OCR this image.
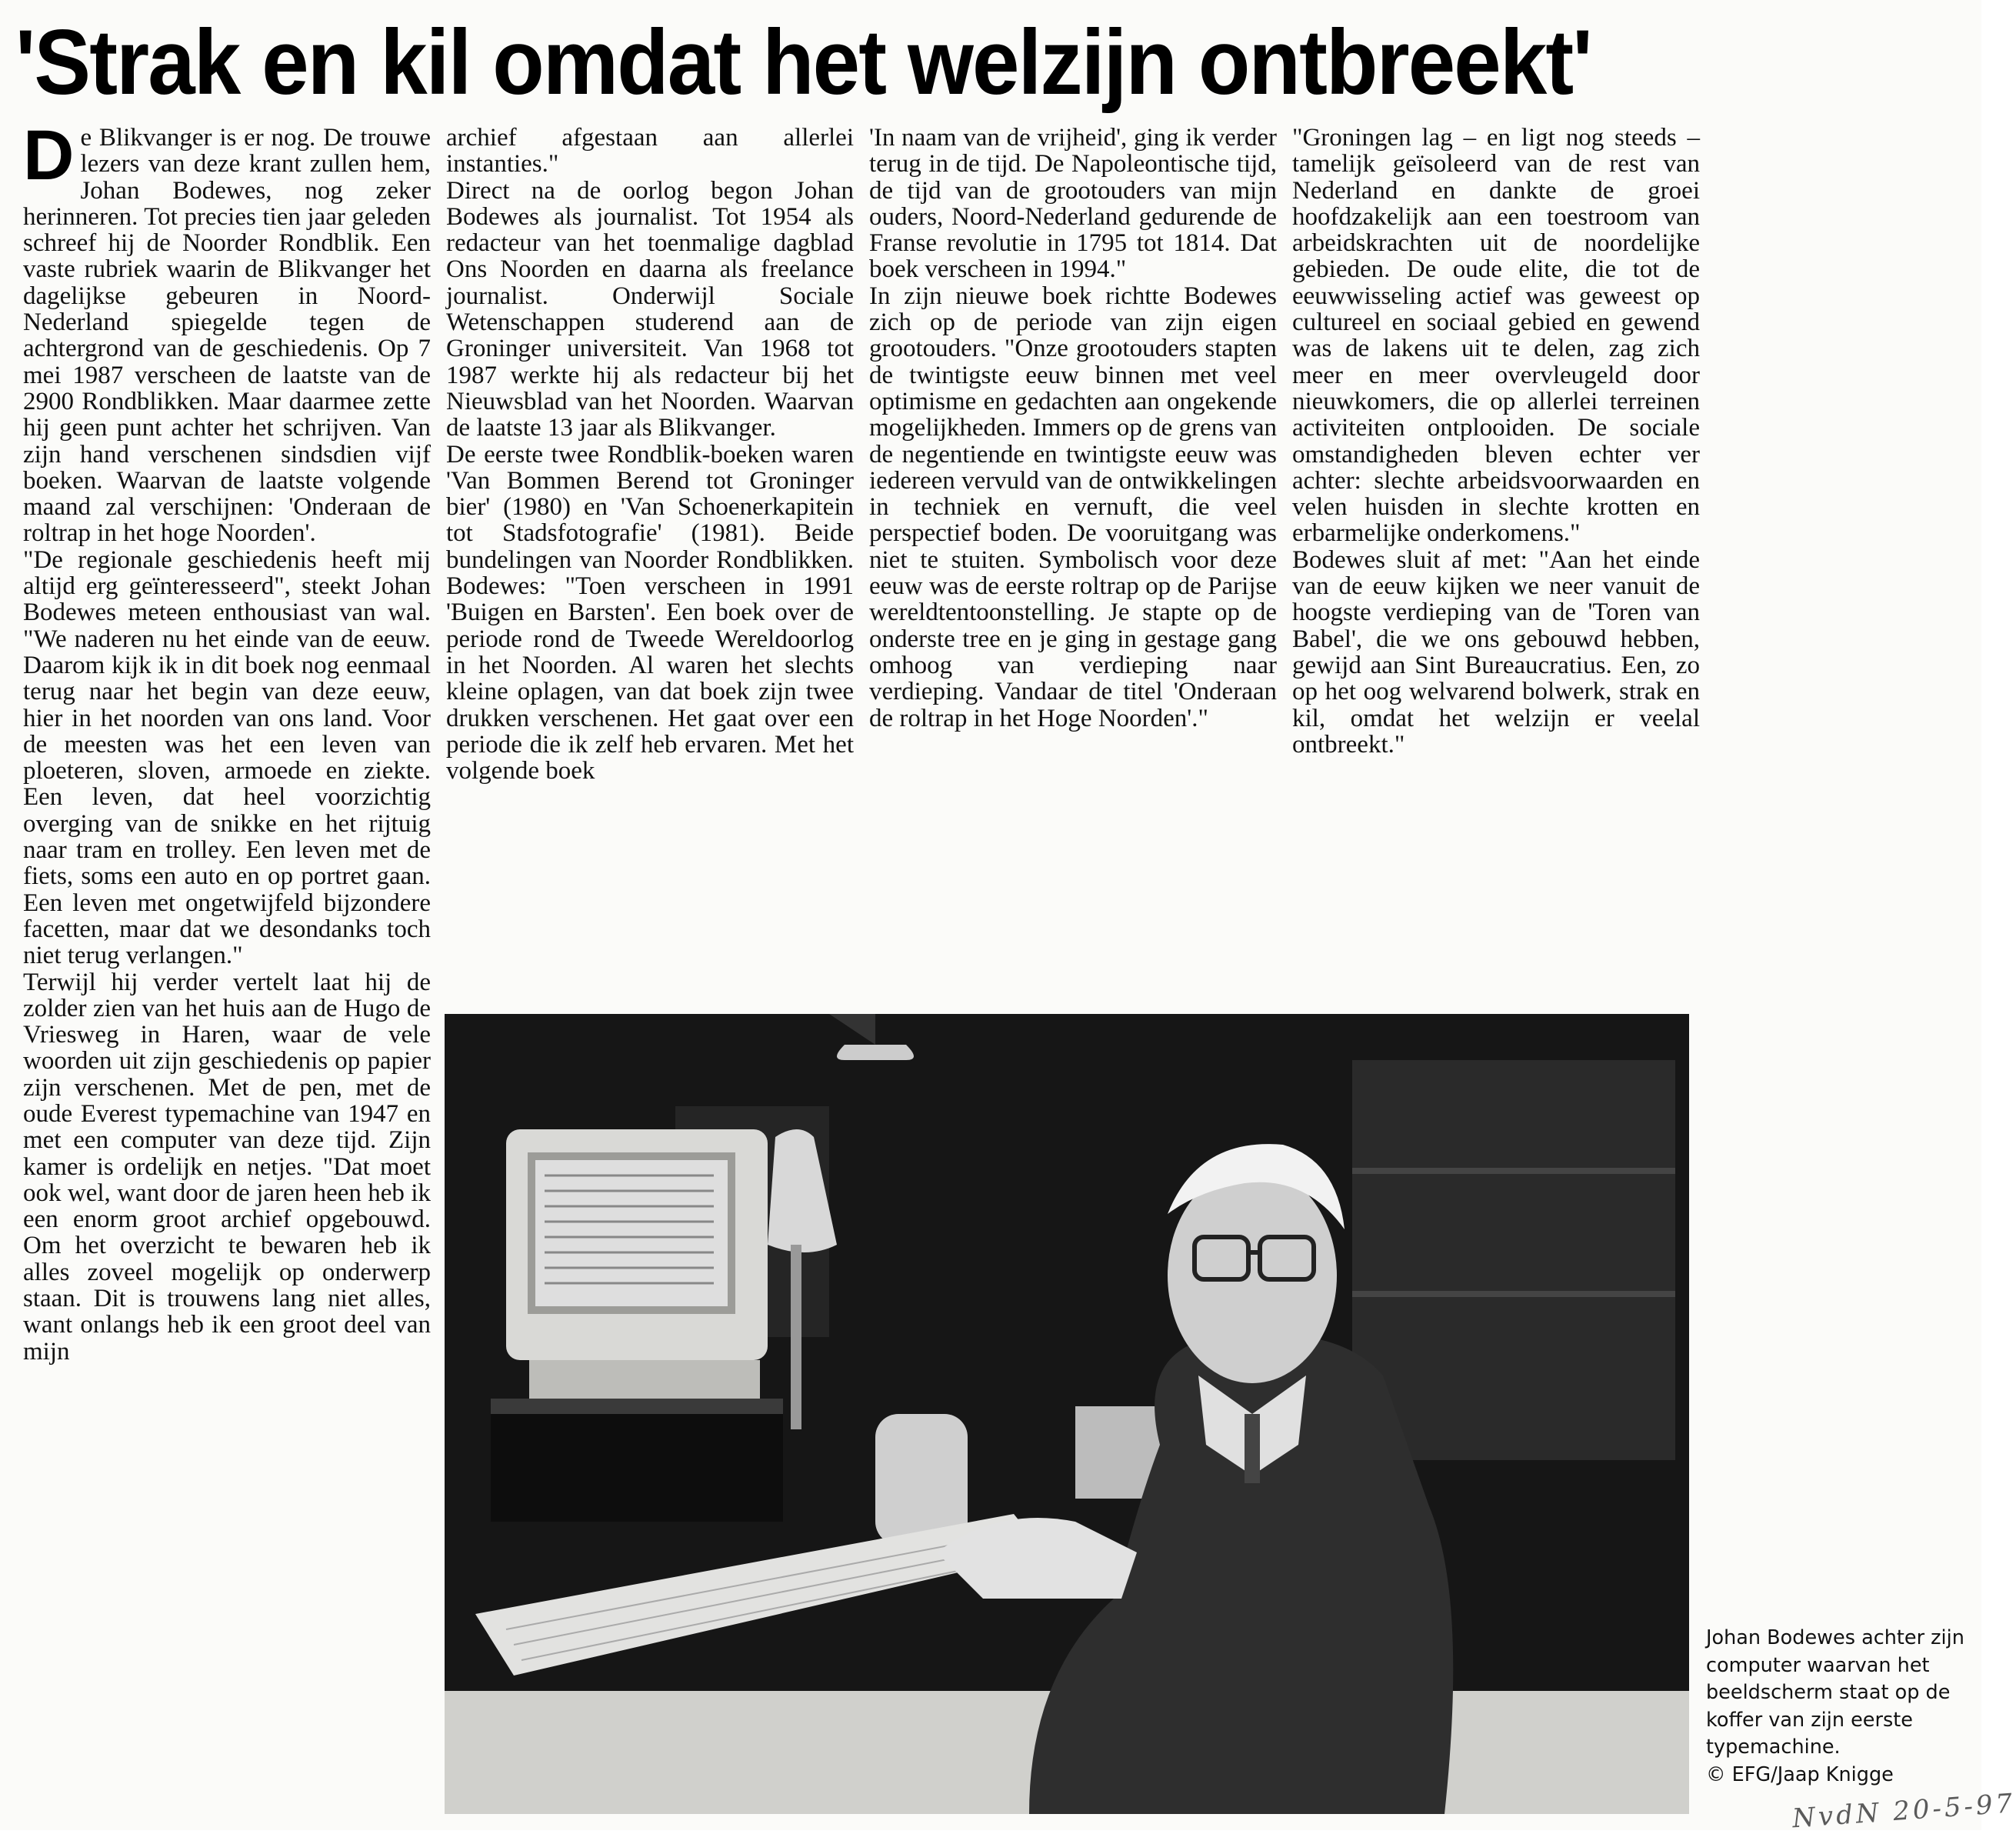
'Strak en kil omdat het welzijn ontbreekt'

De Blikvanger is er nog. De trouwe lezers van deze krant zullen hem, Johan Bodewes, nog zeker herinneren. Tot precies tien jaar geleden schreef hij de Noorder Rondblik. Een vaste rubriek waarin de Blikvanger het dagelijkse gebeuren in Noord-Nederland spiegelde tegen de achtergrond van de geschiedenis. Op 7 mei 1987 verscheen de laatste van de 2900 Rondblikken. Maar daarmee zette hij geen punt achter het schrijven. Van zijn hand verschenen sindsdien vijf boeken. Waarvan de laatste volgende maand zal verschijnen: 'Onderaan de roltrap in het hoge Noorden'.

"De regionale geschiedenis heeft mij altijd erg geïnteresseerd", steekt Johan Bodewes meteen enthousiast van wal. "We naderen nu het einde van de eeuw. Daarom kijk ik in dit boek nog eenmaal terug naar het begin van deze eeuw, hier in het noorden van ons land. Voor de meesten was het een leven van ploeteren, sloven, armoede en ziekte. Een leven, dat heel voorzichtig overging van de snikke en het rijtuig naar tram en trolley. Een leven met de fiets, soms een auto en op portret gaan. Een leven met ongetwijfeld bijzondere facetten, maar dat we desondanks toch niet terug verlangen."

Terwijl hij verder vertelt laat hij de zolder zien van het huis aan de Hugo de Vriesweg in Haren, waar de vele woorden uit zijn geschiedenis op papier zijn verschenen. Met de pen, met de oude Everest typemachine van 1947 en met een computer van deze tijd. Zijn kamer is ordelijk en netjes. "Dat moet ook wel, want door de jaren heen heb ik een enorm groot archief opgebouwd. Om het overzicht te bewaren heb ik alles zoveel mogelijk op onderwerp staan. Dit is trouwens lang niet alles, want onlangs heb ik een groot deel van mijn

archief afgestaan aan allerlei instanties."

Direct na de oorlog begon Johan Bodewes als journalist. Tot 1954 als redacteur van het toenmalige dagblad Ons Noorden en daarna als freelance journalist. Onderwijl Sociale Wetenschappen studerend aan de Groninger universiteit. Van 1968 tot 1987 werkte hij als redacteur bij het Nieuwsblad van het Noorden. Waarvan de laatste 13 jaar als Blikvanger.

De eerste twee Rondblik-boeken waren 'Van Bommen Berend tot Groninger bier' (1980) en 'Van Schoenerkapitein tot Stadsfotografie' (1981). Beide bundelingen van Noorder Rondblikken. Bodewes: "Toen verscheen in 1991 'Buigen en Barsten'. Een boek over de periode rond de Tweede Wereldoorlog in het Noorden. Al waren het slechts kleine oplagen, van dat boek zijn twee drukken verschenen. Het gaat over een periode die ik zelf heb ervaren. Met het volgende boek

'In naam van de vrijheid', ging ik verder terug in de tijd. De Napoleontische tijd, de tijd van de grootouders van mijn ouders, Noord-Nederland gedurende de Franse revolutie in 1795 tot 1814. Dat boek verscheen in 1994."

In zijn nieuwe boek richtte Bodewes zich op de periode van zijn eigen grootouders. "Onze grootouders stapten de twintigste eeuw binnen met veel optimisme en gedachten aan ongekende mogelijkheden. Immers op de grens van de negentiende en twintigste eeuw was iedereen vervuld van de ontwikkelingen in techniek en vernuft, die veel perspectief boden. De vooruitgang was niet te stuiten. Symbolisch voor deze eeuw was de eerste roltrap op de Parijse wereldtentoonstelling. Je stapte op de onderste tree en je ging in gestage gang omhoog van verdieping naar verdieping. Vandaar de titel 'Onderaan de roltrap in het Hoge Noorden'."

"Groningen lag – en ligt nog steeds – tamelijk geïsoleerd van de rest van Nederland en dankte de groei hoofdzakelijk aan een toestroom van arbeidskrachten uit de noordelijke gebieden. De oude elite, die tot de eeuwwisseling actief was geweest op cultureel en sociaal gebied en gewend was de lakens uit te delen, zag zich meer en meer overvleugeld door nieuwkomers, die op allerlei terreinen activiteiten ontplooiden. De sociale omstandigheden bleven echter ver achter: slechte arbeidsvoorwaarden en velen huisden in slechte krotten en erbarmelijke onderkomens."

Bodewes sluit af met: "Aan het einde van de eeuw kijken we neer vanuit de hoogste verdieping van de 'Toren van Babel', die we ons gebouwd hebben, gewijd aan Sint Bureaucratius. Een, zo op het oog welvarend bolwerk, strak en kil, omdat het welzijn er veelal ontbreekt."

Johan Bodewes achter zijn computer waarvan het beeldscherm staat op de koffer van zijn eerste typemachine.

© EFG/Jaap Knigge

NvdN 20-5-97
